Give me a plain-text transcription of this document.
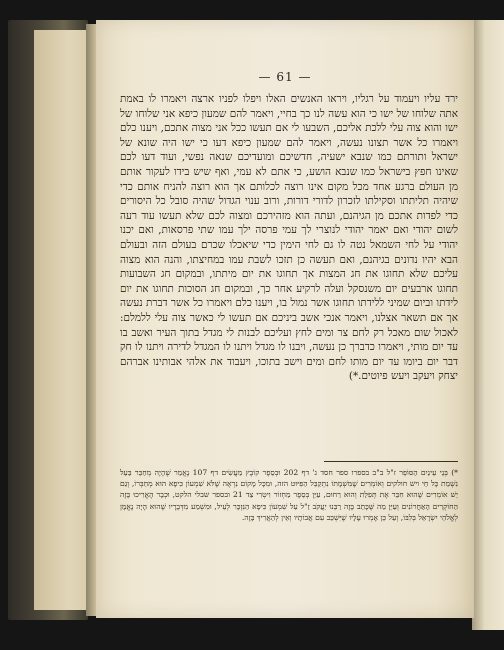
— 61 —

ירד עליו ויעמוד על רגליו, ויראו האנשים האלו ויפלו לפניו ארצה ויאמרו לו באמת אתה שלוחו של ישו כי הוא עשה לנו כך בחיי, ויאמר להם שמעון כיפא אני שלוחו של ישו והוא צוה עלי ללכת אליכם, השבעו לי אם תעשו ככל אני מצוה אתכם, ויענו כלם ויאמרו כל אשר תצונו נעשה, ויאמר להם שמעון כיפא דעו כי ישו היה שונא של ישראל ותורתם כמו שנבא ישעיה, חדשיכם ומועדיכם שנאה נפשי, ועוד דעו לכם שאינו חפץ בישראל כמו שנבא הושע, כי אתם לא עמי, ואף שיש בידו לעקור אותם מן העולם ברגע אחד מכל מקום אינו רוצה לכלותם אך הוא רוצה להניח אותם כדי שיהיה תליתתו וסקילתו לזכרון לדורי דורות, ורוב ענוי הגדול שהיה סובל כל היסורים כדי לפדות אתכם מן הגיהנם, ועתה הוא מזהירכם ומצוה לכם שלא תעשו עוד רעה לשום יהודי ואם יאמר יהודי לנוצרי לך עמי פרסה ילך עמו שתי פרסאות, ואם יכנו יהודי על לחי השמאל נטה לו גם לחי הימין כדי שיאכלו שכרם בעולם הזה ובעולם הבא יהיו נדונים בגיהנם, ואם תעשה כן תזכו לשבת עמו במחיצתו, והנה הוא מצוה עליכם שלא תחוגו את חג המצות אך תחוגו את יום מיתתו, ובמקום חג השבועות תחוגו ארבעים יום משנסקל ועלה לרקיע אחר כך, ובמקום חג הסוכות תחוגו את יום לידתו וביום שמיני ללידתו תחוגו אשר נמול בו, ויענו כלם ויאמרו כל אשר דברת נעשה אך אם תשאר אצלנו, ויאמר אנכי אשב ביניכם אם תעשו לי כאשר צוה עלי ללמלם: לאכול שום מאכל רק לחם צר ומים לחץ ועליכם לבנות לי מגדל בתוך העיר ואשב בו עד יום מותי, ויאמרו כדברך כן נעשה, ויבנו לו מגדל ויתנו לו המגדל לדירה ויתנו לו חק דבר יום ביומו עד יום מותו לחם ומים וישב בתוכו, ויעבוד את אלהי אבותינו אברהם יצחק ויעקב ויעש פיוטים.*)

*) בְּנֵי עֵינַיִם הַסּוֹפֵר ז"ל ב"ב בספרו ספר חסד ג' דף 202 וּבְסֵפֶר קוֹבֶץ מַעֲשִׂים דף 107 נֶאֱמַר שֶׁהָיָה מְחַבֵּר בַּעַל נִשְׁמַת כָּל חַי ויש חולקים וְאוֹמְרִים שֶׁמִּשְׁמָתוֹ נִתְקַבֵּל הַפִּיּוּט הזה, וּמִכָּל מָקוֹם נִרְאֶה שֶׁלֹּא שִׁמְעוֹן כִּיפָא הוּא מְחַבְּרוֹ, וְגַם יֵשׁ אוֹמְרִים שֶׁהוּא חִבֵּר אֶת תְּפִלַּת וְהוּא רַחוּם, עַיֵּן בְּסֵפֶר מַחְזוֹר וִיטְרִי צַד 21 ובספר שבלי הלקט, וּכְבָר הֶאֱרִיכוּ בָּזֶה הַחוֹקְרִים הָאַחֲרוֹנִים וְעַיֵּן מַה שֶּׁכָּתַב בָּזֶה רַבֵּנוּ יַעֲקֹב זַ"ל עַל שִׁמְעוֹן כִּיפָא הַנִּזְכָּר לְעֵיל, וּמִשְׁמַע מִדְּבָרָיו שֶׁהוּא הָיָה נֶאֱמָן לְאֱלֹהֵי יִשְׂרָאֵל בְּלִבּוֹ, וְעַל כֵּן אָמְרוּ עָלָיו שֶׁיִּשְׁכַּב עִם אֲבוֹתָיו וְאֵין לְהַאֲרִיךְ בָּזֶה.
